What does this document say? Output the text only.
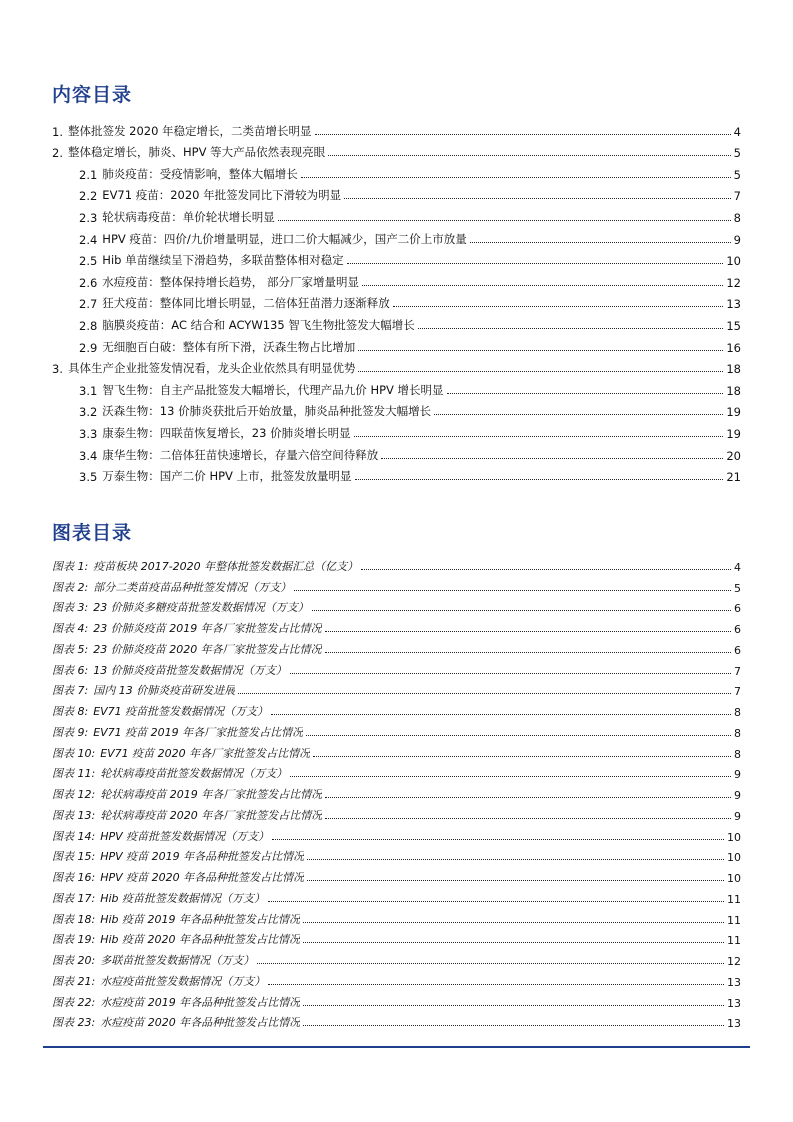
内容目录
1. 整体批签发 2020 年稳定增长，二类苗增长明显	4
2. 整体稳定增长，肺炎、HPV 等大产品依然表现亮眼	5
2.1 肺炎疫苗：受疫情影响，整体大幅增长	5
2.2 EV71 疫苗：2020 年批签发同比下滑较为明显	7
2.3 轮状病毒疫苗：单价轮状增长明显	8
2.4 HPV 疫苗：四价/九价增量明显，进口二价大幅减少，国产二价上市放量	9
2.5 Hib 单苗继续呈下滑趋势，多联苗整体相对稳定	10
2.6 水痘疫苗：整体保持增长趋势， 部分厂家增量明显	12
2.7 狂犬疫苗：整体同比增长明显，二倍体狂苗潜力逐渐释放	13
2.8 脑膜炎疫苗：AC 结合和 ACYW135 智飞生物批签发大幅增长	15
2.9 无细胞百白破：整体有所下滑，沃森生物占比增加	16
3. 具体生产企业批签发情况看，龙头企业依然具有明显优势	18
3.1 智飞生物：自主产品批签发大幅增长，代理产品九价 HPV 增长明显	18
3.2 沃森生物：13 价肺炎获批后开始放量，肺炎品种批签发大幅增长	19
3.3 康泰生物：四联苗恢复增长，23 价肺炎增长明显	19
3.4 康华生物：二倍体狂苗快速增长，存量六倍空间待释放	20
3.5 万泰生物：国产二价 HPV 上市，批签发放量明显	21
图表目录
图表 1: 疫苗板块 2017-2020 年整体批签发数据汇总（亿支）	4
图表 2: 部分二类苗疫苗品种批签发情况（万支）	5
图表 3: 23 价肺炎多糖疫苗批签发数据情况（万支）	6
图表 4: 23 价肺炎疫苗 2019 年各厂家批签发占比情况	6
图表 5: 23 价肺炎疫苗 2020 年各厂家批签发占比情况	6
图表 6: 13 价肺炎疫苗批签发数据情况（万支）	7
图表 7: 国内 13 价肺炎疫苗研发进展	7
图表 8: EV71 疫苗批签发数据情况（万支）	8
图表 9: EV71 疫苗 2019 年各厂家批签发占比情况	8
图表 10: EV71 疫苗 2020 年各厂家批签发占比情况	8
图表 11: 轮状病毒疫苗批签发数据情况（万支）	9
图表 12: 轮状病毒疫苗 2019 年各厂家批签发占比情况	9
图表 13: 轮状病毒疫苗 2020 年各厂家批签发占比情况	9
图表 14: HPV 疫苗批签发数据情况（万支）	10
图表 15: HPV 疫苗 2019 年各品种批签发占比情况	10
图表 16: HPV 疫苗 2020 年各品种批签发占比情况	10
图表 17: Hib 疫苗批签发数据情况（万支）	11
图表 18: Hib 疫苗 2019 年各品种批签发占比情况	11
图表 19: Hib 疫苗 2020 年各品种批签发占比情况	11
图表 20: 多联苗批签发数据情况（万支）	12
图表 21: 水痘疫苗批签发数据情况（万支）	13
图表 22: 水痘疫苗 2019 年各品种批签发占比情况	13
图表 23: 水痘疫苗 2020 年各品种批签发占比情况	13
